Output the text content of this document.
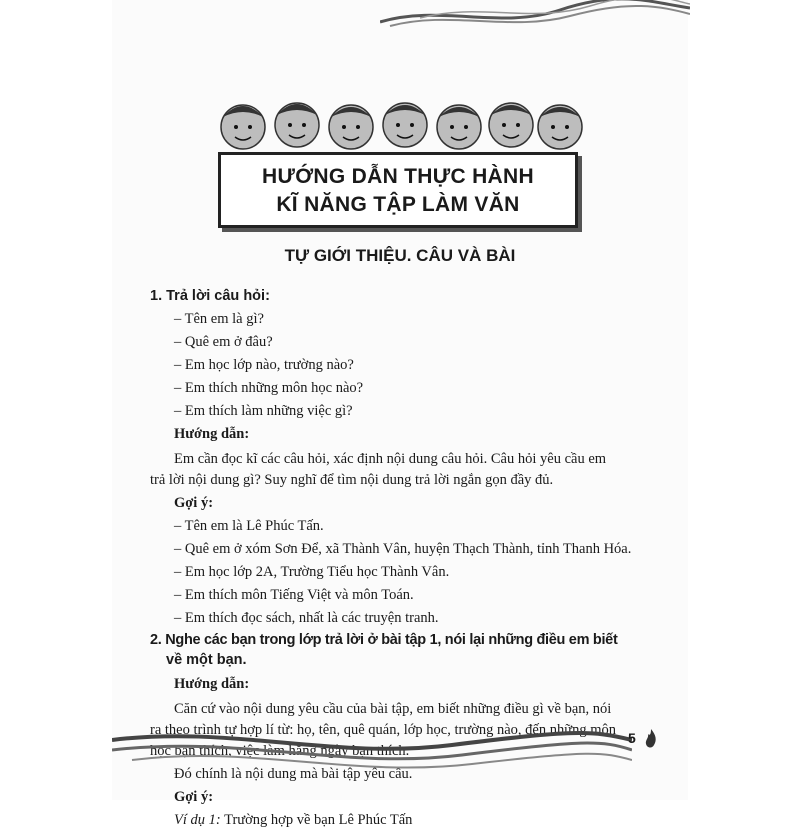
HƯỚNG DẪN THỰC HÀNH
KĨ NĂNG TẬP LÀM VĂN
TỰ GIỚI THIỆU. CÂU VÀ BÀI
1. Trả lời câu hỏi:
– Tên em là gì?
– Quê em ở đâu?
– Em học lớp nào, trường nào?
– Em thích những môn học nào?
– Em thích làm những việc gì?
Hướng dẫn:
Em cần đọc kĩ các câu hỏi, xác định nội dung câu hỏi. Câu hỏi yêu cầu em trả lời nội dung gì? Suy nghĩ để tìm nội dung trả lời ngắn gọn đầy đủ.
Gợi ý:
– Tên em là Lê Phúc Tấn.
– Quê em ở xóm Sơn Để, xã Thành Vân, huyện Thạch Thành, tỉnh Thanh Hóa.
– Em học lớp 2A, Trường Tiểu học Thành Vân.
– Em thích môn Tiếng Việt và môn Toán.
– Em thích đọc sách, nhất là các truyện tranh.
2. Nghe các bạn trong lớp trả lời ở bài tập 1, nói lại những điều em biết
về một bạn.
Hướng dẫn:
Căn cứ vào nội dung yêu cầu của bài tập, em biết những điều gì về bạn, nói ra theo trình tự hợp lí từ: họ, tên, quê quán, lớp học, trường nào, đến những môn học bạn thích, việc làm hằng ngày bạn thích.
Đó chính là nội dung mà bài tập yêu cầu.
Gợi ý:
Ví dụ 1: Trường hợp về bạn Lê Phúc Tấn
5
